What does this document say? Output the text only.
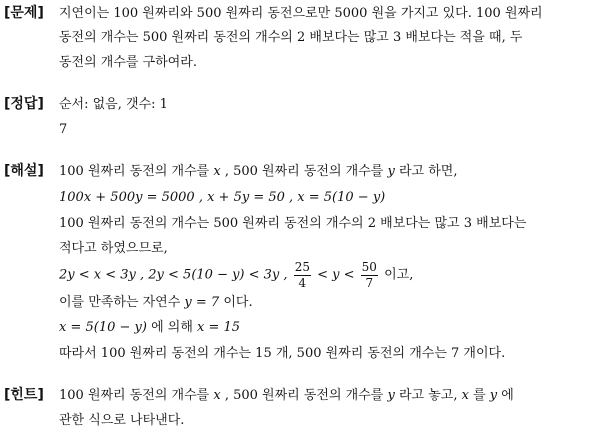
[문제] 지연이는 100 원짜리와 500 원짜리 동전으로만 5000 원을 가지고 있다. 100 원짜리
동전의 개수는 500 원짜리 동전의 개수의 2 배보다는 많고 3 배보다는 적을 때, 두
동전의 개수를 구하여라.
[정답] 순서: 없음, 갯수: 1
7
[해설] 100 원짜리 동전의 개수를 x , 500 원짜리 동전의 개수를 y 라고 하면,
100x + 500y = 5000 , x + 5y = 50 , x = 5(10 − y)
100 원짜리 동전의 개수는 500 원짜리 동전의 개수의 2 배보다는 많고 3 배보다는
적다고 하였으므로,
2y < x < 3y , 2y < 5(10 − y) < 3y , $\frac{25}{4} < y < \frac{50}{7}$ 이고,
이를 만족하는 자연수 y = 7 이다.
x = 5(10 − y) 에 의해 x = 15
따라서 100 원짜리 동전의 개수는 15 개, 500 원짜리 동전의 개수는 7 개이다.
[힌트] 100 원짜리 동전의 개수를 x , 500 원짜리 동전의 개수를 y 라고 놓고, x 를 y 에
관한 식으로 나타낸다.
